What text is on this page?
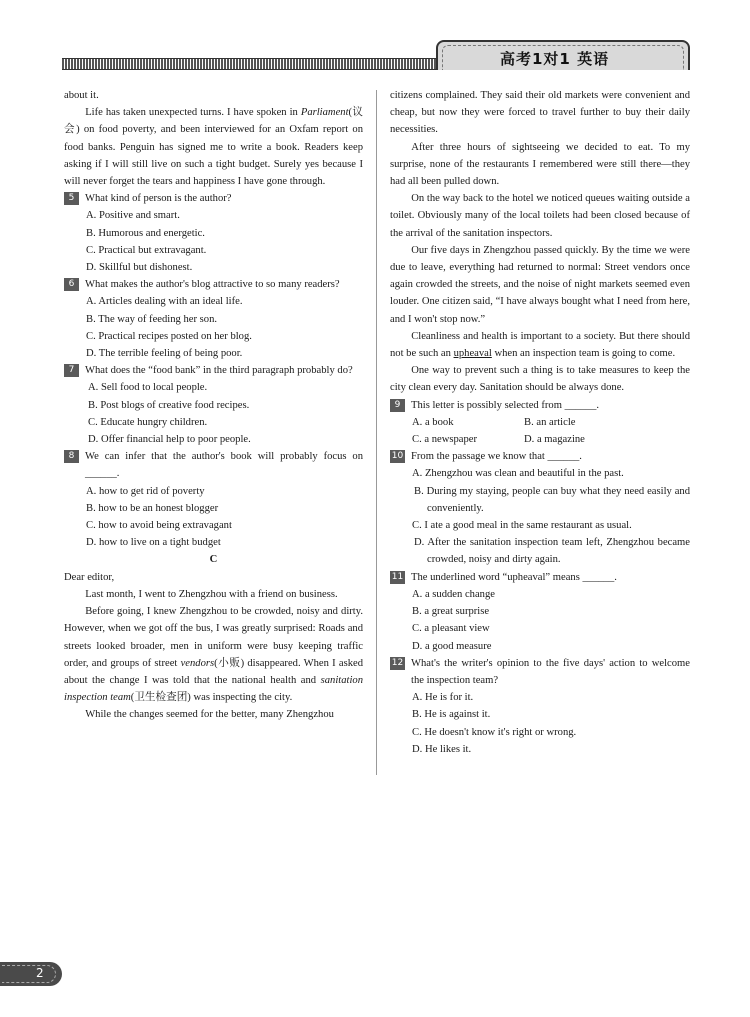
高考1对1 英语

about it.

Life has taken unexpected turns. I have spoken in Parliament(议会) on food poverty, and been interviewed for an Oxfam report on food banks. Penguin has signed me to write a book. Readers keep asking if I will still live on such a tight budget. Surely yes because I will never forget the tears and happiness I have gone through.

5	What kind of person is the author?

A. Positive and smart.

B. Humorous and energetic.

C. Practical but extravagant.

D. Skillful but dishonest.

6	What makes the author's blog attractive to so many readers?

A. Articles dealing with an ideal life.

B. The way of feeding her son.

C. Practical recipes posted on her blog.

D. The terrible feeling of being poor.

7	What does the “food bank” in the third paragraph probably do?

A. Sell food to local people.

B. Post blogs of creative food recipes.

C. Educate hungry children.

D. Offer financial help to poor people.

8	We can infer that the author's book will probably focus on ______.

A. how to get rid of poverty

B. how to be an honest blogger

C. how to avoid being extravagant

D. how to live on a tight budget

C

Dear editor,

Last month, I went to Zhengzhou with a friend on business.

Before going, I knew Zhengzhou to be crowded, noisy and dirty. However, when we got off the bus, I was greatly surprised: Roads and streets looked broader, men in uniform were busy keeping traffic order, and groups of street vendors(小贩) disappeared. When I asked about the change I was told that the national health and sanitation inspection team(卫生检查团) was inspecting the city.

While the changes seemed for the better, many Zhengzhou

citizens complained. They said their old markets were convenient and cheap, but now they were forced to travel further to buy their daily necessities.

After three hours of sightseeing we decided to eat. To my surprise, none of the restaurants I remembered were still there—they had all been pulled down.

On the way back to the hotel we noticed queues waiting outside a toilet. Obviously many of the local toilets had been closed because of the arrival of the sanitation inspectors.

Our five days in Zhengzhou passed quickly. By the time we were due to leave, everything had returned to normal: Street vendors once again crowded the streets, and the noise of night markets seemed even louder. One citizen said, “I have always bought what I need from here, and I won't stop now.”

Cleanliness and health is important to a society. But there should not be such an upheaval when an inspection team is going to come.

One way to prevent such a thing is to take measures to keep the city clean every day. Sanitation should be always done.

9	This letter is possibly selected from ______.
A. a book	B. an article
C. a newspaper	D. a magazine
10 From the passage we know that ______.

A. Zhengzhou was clean and beautiful in the past.

B. During my staying, people can buy what they need easily and conveniently.

C. I ate a good meal in the same restaurant as usual.

D. After the sanitation inspection team left, Zhengzhou became crowded, noisy and dirty again.

11 The underlined word “upheaval” means ______.

A. a sudden change

B. a great surprise

C. a pleasant view

D. a good measure

12 What's the writer's opinion to the five days' action to welcome the inspection team?

A. He is for it.

B. He is against it.

C. He doesn't know it's right or wrong.

D. He likes it.

2
